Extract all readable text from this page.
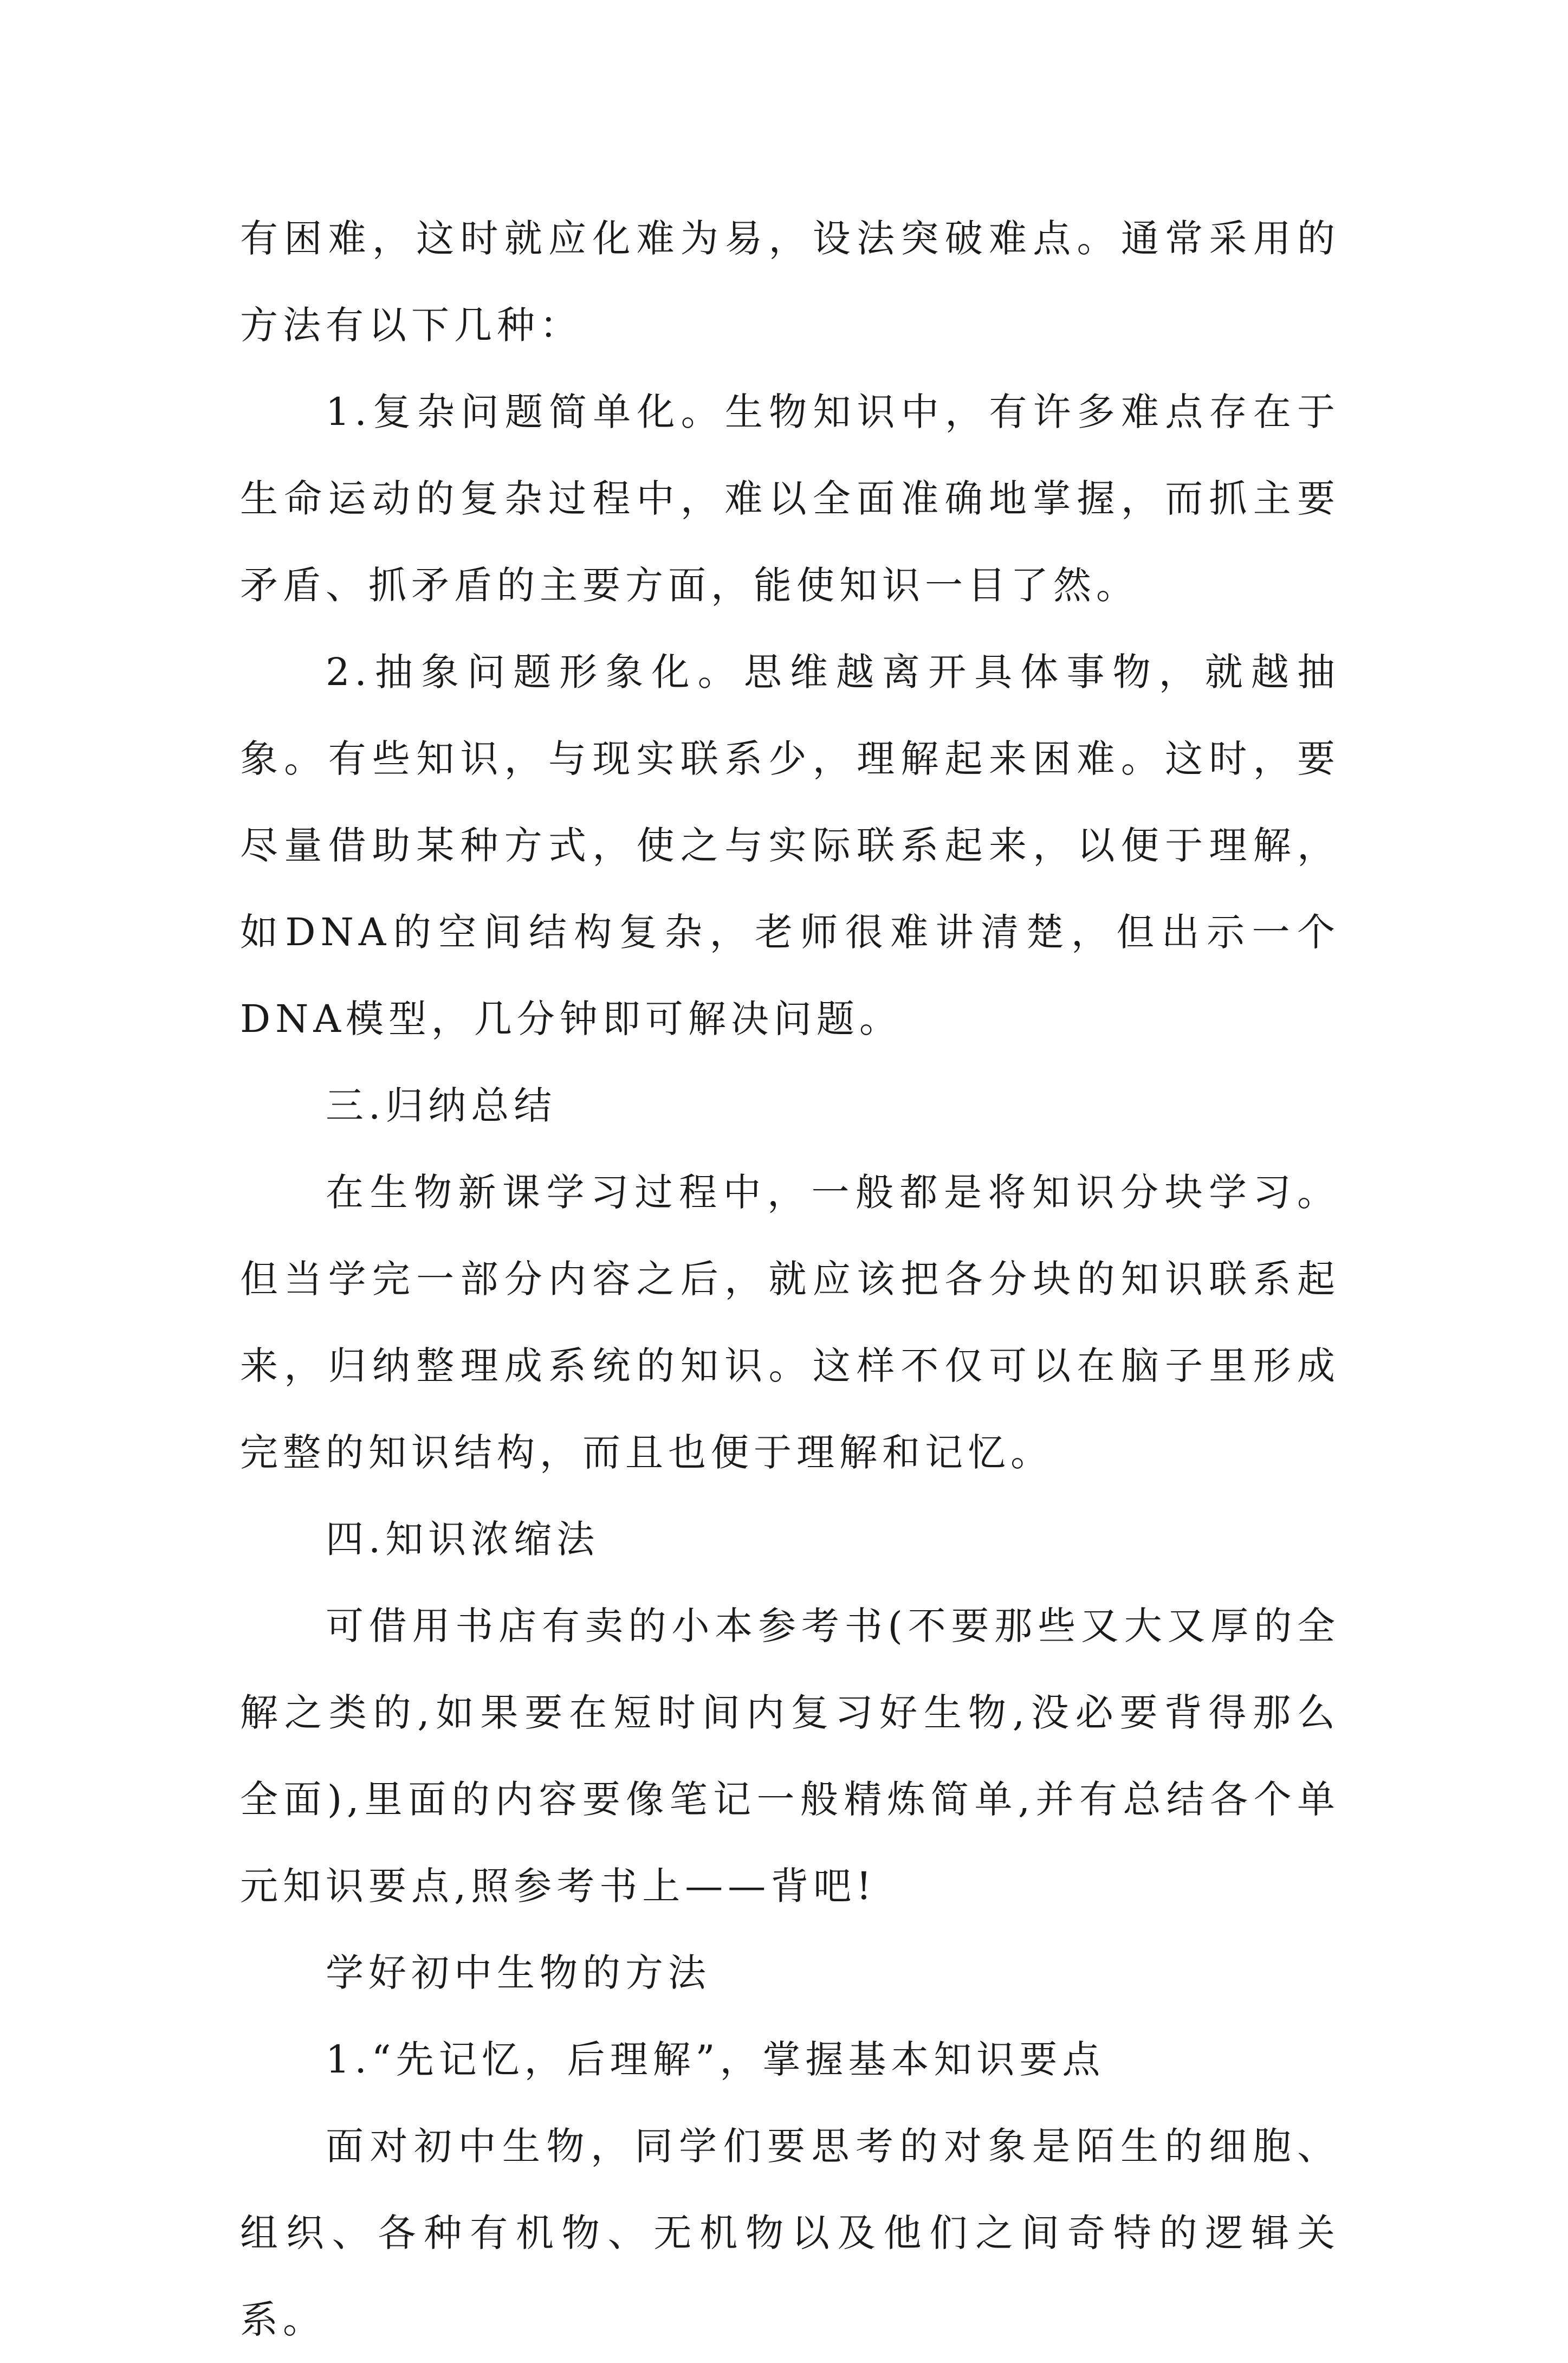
有困难，这时就应化难为易，设法突破难点。通常采用的方法有以下几种：

1.复杂问题简单化。生物知识中，有许多难点存在于生命运动的复杂过程中，难以全面准确地掌握，而抓主要矛盾、抓矛盾的主要方面，能使知识一目了然。

2.抽象问题形象化。思维越离开具体事物，就越抽象。有些知识，与现实联系少，理解起来困难。这时，要尽量借助某种方式，使之与实际联系起来，以便于理解，如DNA的空间结构复杂，老师很难讲清楚，但出示一个DNA模型，几分钟即可解决问题。

三.归纳总结

在生物新课学习过程中，一般都是将知识分块学习。但当学完一部分内容之后，就应该把各分块的知识联系起来，归纳整理成系统的知识。这样不仅可以在脑子里形成完整的知识结构，而且也便于理解和记忆。

四.知识浓缩法

可借用书店有卖的小本参考书(不要那些又大又厚的全解之类的,如果要在短时间内复习好生物,没必要背得那么全面),里面的内容要像笔记一般精炼简单,并有总结各个单元知识要点,照参考书上——背吧!

学好初中生物的方法

1.“先记忆，后理解”，掌握基本知识要点

面对初中生物，同学们要思考的对象是陌生的细胞、组织、各种有机物、无机物以及他们之间奇特的逻辑关系。
